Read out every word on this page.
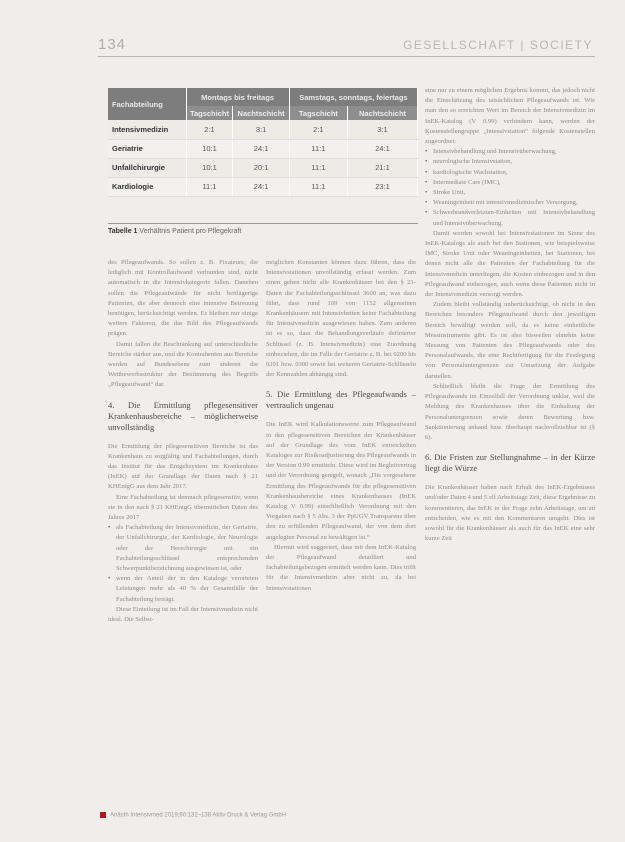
134	GESELLSCHAFT | SOCIETY
Fachabteilung	Montags bis freitags		Samstags, sonntags, feiertags	
	Tagschicht	Nachtschicht	Tagschicht	Nachtschicht
Intensivmedizin	2:1	3:1	2:1	3:1
Geriatrie	10:1	24:1	11:1	24:1
Unfallchirurgie	10:1	20:1	11:1	21:1
Kardiologie	11:1	24:1	11:1	23:1
Tabelle 1 Verhältnis Patient pro Pflegekraft

des Pflegeaufwands. So sollen z. B. Fixateure, die lediglich mit Kontrollaufwand verbunden sind, nicht automatisch in die Intensivkategorie fallen. Daneben sollen die Pflegeaufwände für nicht bettlägerige Patienten, die aber dennoch eine intensive Betreuung benötigen, berücksichtigt werden. Es bleiben nur einige weitere Faktoren, die das Bild des Pflegeaufwands prägen.

Damit fallen die Beschränkung auf unterschiedliche Bereiche stärker aus, und die Kontrahenten aus Bereiche werden auf Bundesebene zum anderen die Wettbewerbsstruktur der Bestimmung des Begriffs „Pflegeaufwand“ dar.

4. Die Ermittlung pflegesensitiver Krankenhausbereiche – möglicherweise unvollständig

Die Ermittlung der pflegesensitiven Bereiche ist das Krankenhaus zu sorgfältig und Fachabteilungen, durch das Institut für das Entgeltsystem im Krankenhaus (InEK) auf der Grundlage der Daten nach § 21 KHEntgG aus dem Jahr 2017.

Eine Fachabteilung ist demnach pflegesensitiv, wenn sie in den nach § 21 KHEntgG übermittelten Daten des Jahres 2017

• als Fachabteilung der Intensivmedizin, der Geriatrie, der Unfallchirurgie, der Kardiologie, der Neurologie oder der Herzchirurgie mit ein Fachabteilungsschlüssel entsprechenden Schwerpunktbezeichnung ausgewiesen ist, oder
• wenn der Anteil der in den Kataloge verorteten Leistungen mehr als 40 % der Gesamtfälle der Fachabteilung beträgt.

Diese Einteilung ist im Fall der Intensivmedizin nicht ideal. Die Selbst-

möglichen Konstanten können dazu führen, dass die Intensivstationen unvollständig erfasst werden. Zum einen gehen nicht alle Krankenhäuser bei den § 21-Daten die Fachabteilungsschlüssel 3600 an, was dazu führt, dass rund 109 von 1152 allgemeinen Krankenhäusern mit Intensivbetten keine Fachabteilung für Intensivmedizin ausgewiesen haben. Zum anderen ist es so, dass die Behandlungsverläufe definierter Schlüssel (z. B. Intensivmedizin) eine Zuordnung einbeziehen, die im Falle der Geriatrie z. B. bei 0200 bis 0291 bzw. 0300 sowie bei weiteren Geriatrie-Schlüsseln der Kennzahlen abhängig sind.

5. Die Ermittlung des Pflegeaufwands – vertraulich ungenau

Die InEK wird Kalkulationswerte zum Pflegeaufwand in den pflegesensitiven Bereichen der Krankenhäuser auf der Grundlage des vom InEK entwickelten Kataloges zur Risikoadjustierung des Pflegeaufwands in der Version 0.99 ermitteln. Diese wird im Begleitvertrag und der Verordnung geregelt, wonach „Die vorgesehene Ermittlung des Pflegeaufwands für die pflegesensitiven Krankenhausbereiche eines Krankenhauses (InEK Katalog V 0.99) einschließlich Verordnung mit den Vorgaben nach § 5 Abs. 3 der PpUGV Transparenz über den zu erfüllenden Pflegeaufwand, der von dem dort angelegten Personal zu bewältigen ist.“

Hiermit wird suggeriert, dass mit dem InEK-Katalog der Pflegeaufwand detailliert und fachabteilungsbezogen ermittelt werden kann. Dies trifft für die Intensivmedizin aber nicht zu, da bei Intensivstationen

eine nur zu einem möglichen Ergebnis kommt, das jedoch nicht die Einschätzung des tatsächlichen Pflegeaufwands ist. Wie man den so erreichten Wert im Bereich der Intensivmedizin im InEK-Katalog (V 0.99) verhindern kann, werden der Kostenstellengruppe „Intensivstation“ folgende Kostenstellen zugeordnet:

• Intensivbehandlung und Intensivüberwachung,
• neurologische Intensivstation,
• kardiologische Wachstation,
• Intermediate Care (IMC),
• Stroke Unit,
• Weaningeinheit mit intensivmedizinischer Versorgung,
• Schwerbrandverletzten-Einheiten mit Intensivbehandlung und Intensivüberwachung.

Damit werden sowohl bei Intensivstationen im Sinne des InEK-Katalogs als auch bei den Stationen, wie beispielsweise IMC, Stroke Unit oder Weaningeinheiten, bei Stationen, bei denen nicht alle die Patienten der Fachabteilung für die Intensivmedizin unterliegen, die Kosten einbezogen und in den Pflegeaufwand einbezogen, auch wenn diese Patienten nicht in der Intensivmedizin versorgt werden.

Zudem bleibt vollständig unberücksichtigt, ob nicht in den Bereichen besonders Pflegeaufwand durch den jeweiligen Bereich bewältigt werden soll, da es keine einheitliche Messinstrumente gibt. Es ist also bisweilen ohnehin keine Messung von Patienten des Pflegeaufwands oder des Personalaufwands, die eine Rechtfertigung für die Festlegung von Personaluntergrenzen zur Umsetzung der Aufgabe darstellen.

Schließlich bleibt die Frage der Ermittlung des Pflegeaufwands im Einzelfall der Verordnung unklar, weil die Meldung des Krankenhauses über die Einhaltung der Personaluntergrenzen sowie deren Bewertung bzw. Sanktionierung anhand bzw. überhaupt nachvollziehbar ist (§ 6).

6. Die Fristen zur Stellungnahme – in der Kürze liegt die Würze

Die Krankenhäuser haben nach Erhalt des InEK-Ergebnisses und/oder Daten 4 und 5 elf Arbeitstage Zeit, diese Ergebnisse zu kommentieren, das InEK in der Frage zehn Arbeitstage, um zu entscheiden, wie es mit den Kommentaren umgeht. Dies ist sowohl für die Krankenhäuser als auch für das InEK eine sehr kurze Zeit

Anästh Intensivmed 2019;60:132–138 Aktiv Druck & Verlag GmbH
